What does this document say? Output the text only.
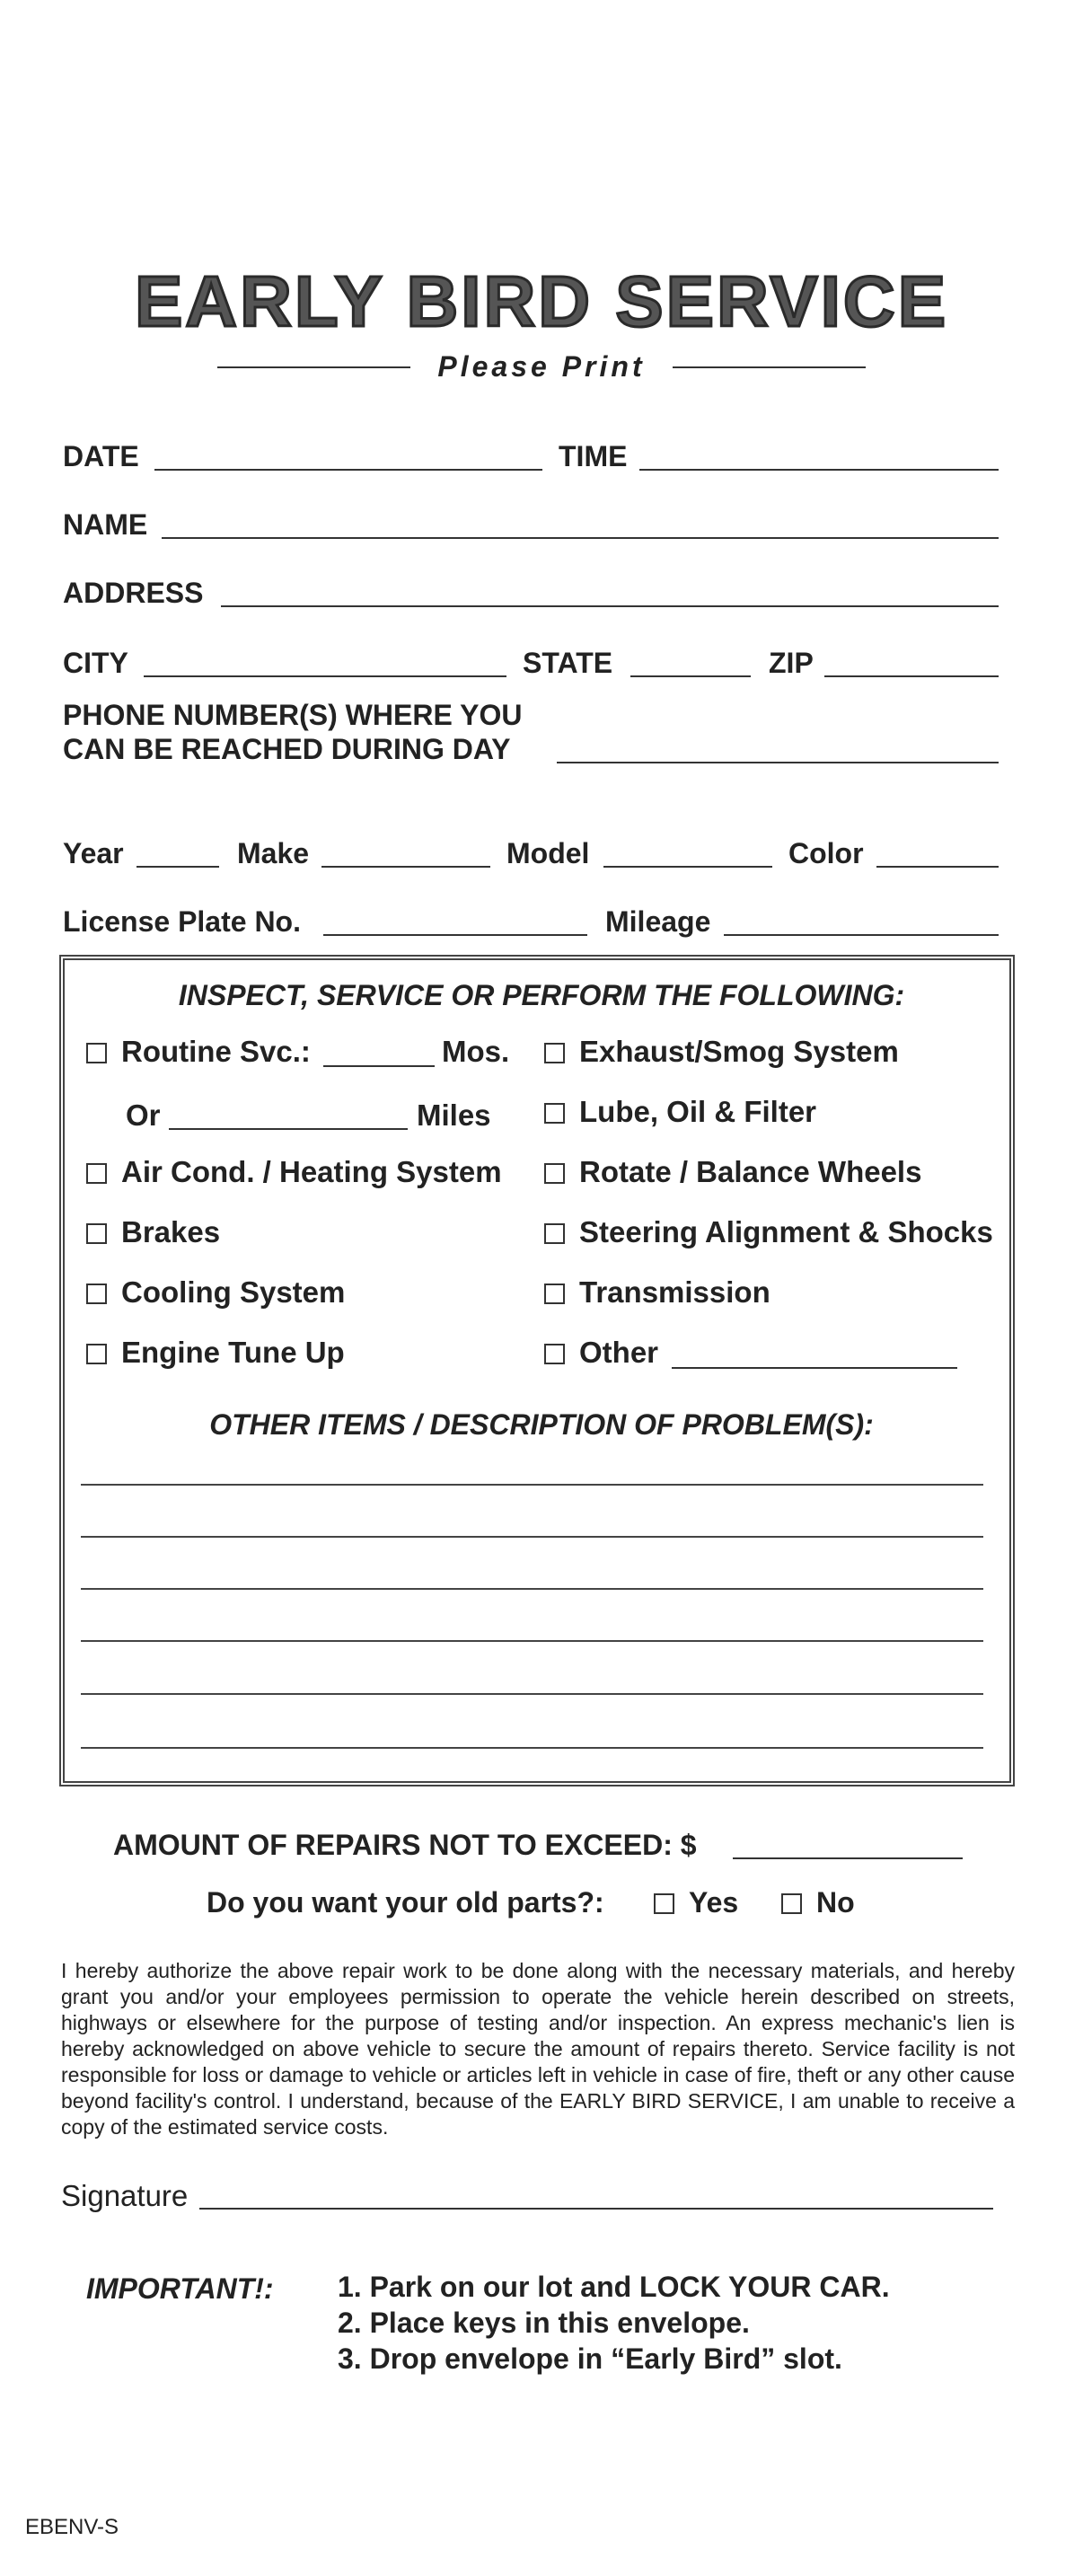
EARLY BIRD SERVICE
Please Print
DATE	TIME
NAME
ADDRESS
CITY	STATE	ZIP
PHONE NUMBER(S) WHERE YOU
CAN BE REACHED DURING DAY
Year	Make	Model	Color
License Plate No.	Mileage
INSPECT, SERVICE OR PERFORM THE FOLLOWING:
Routine Svc.:	Mos.
Or	Miles
Air Cond. / Heating System
Brakes
Cooling System
Engine Tune Up
Exhaust/Smog System
Lube, Oil & Filter
Rotate / Balance Wheels
Steering Alignment & Shocks
Transmission
Other
OTHER ITEMS / DESCRIPTION OF PROBLEM(S):
AMOUNT OF REPAIRS NOT TO EXCEED: $
Do you want your old parts?:	Yes	No
I hereby authorize the above repair work to be done along with the necessary materials, and hereby grant you and/or your employees permission to operate the vehicle herein described on streets, highways or elsewhere for the purpose of testing and/or inspection. An express mechanic's lien is hereby acknowledged on above vehicle to secure the amount of repairs thereto. Service facility is not responsible for loss or damage to vehicle or articles left in vehicle in case of fire, theft or any other cause beyond facility's control. I understand, because of the EARLY BIRD SERVICE, I am unable to receive a copy of the estimated service costs.
Signature
IMPORTANT!: 1. Park on our lot and LOCK YOUR CAR.
2. Place keys in this envelope.
3. Drop envelope in “Early Bird” slot.
EBENV-S
